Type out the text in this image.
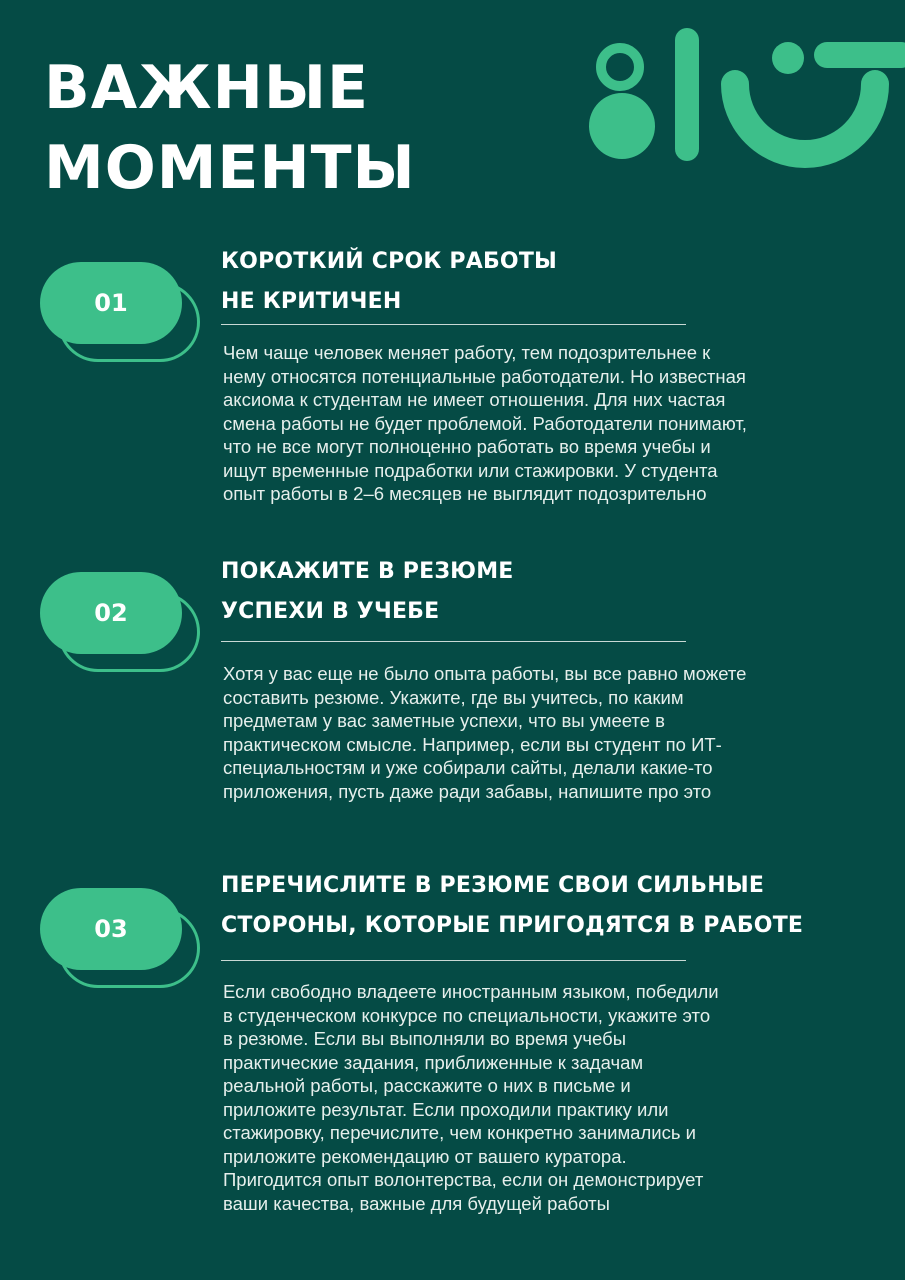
ВАЖНЫЕ
МОМЕНТЫ
01
КОРОТКИЙ СРОК РАБОТЫ
НЕ КРИТИЧЕН

Чем чаще человек меняет работу, тем подозрительнее к
нему относятся потенциальные работодатели. Но известная
аксиома к студентам не имеет отношения. Для них частая
смена работы не будет проблемой. Работодатели понимают,
что не все могут полноценно работать во время учебы и
ищут временные подработки или стажировки. У студента
опыт работы в 2–6 месяцев не выглядит подозрительно

02
ПОКАЖИТЕ В РЕЗЮМЕ
УСПЕХИ В УЧЕБЕ

Хотя у вас еще не было опыта работы, вы все равно можете
составить резюме. Укажите, где вы учитесь, по каким
предметам у вас заметные успехи, что вы умеете в
практическом смысле. Например, если вы студент по ИТ-
специальностям и уже собирали сайты, делали какие-то
приложения, пусть даже ради забавы, напишите про это

03
ПЕРЕЧИСЛИТЕ В РЕЗЮМЕ СВОИ СИЛЬНЫЕ
СТОРОНЫ, КОТОРЫЕ ПРИГОДЯТСЯ В РАБОТЕ

Если свободно владеете иностранным языком, победили
в студенческом конкурсе по специальности, укажите это
в резюме. Если вы выполняли во время учебы
практические задания, приближенные к задачам
реальной работы, расскажите о них в письме и
приложите результат. Если проходили практику или
стажировку, перечислите, чем конкретно занимались и
приложите рекомендацию от вашего куратора.
Пригодится опыт волонтерства, если он демонстрирует
ваши качества, важные для будущей работы
